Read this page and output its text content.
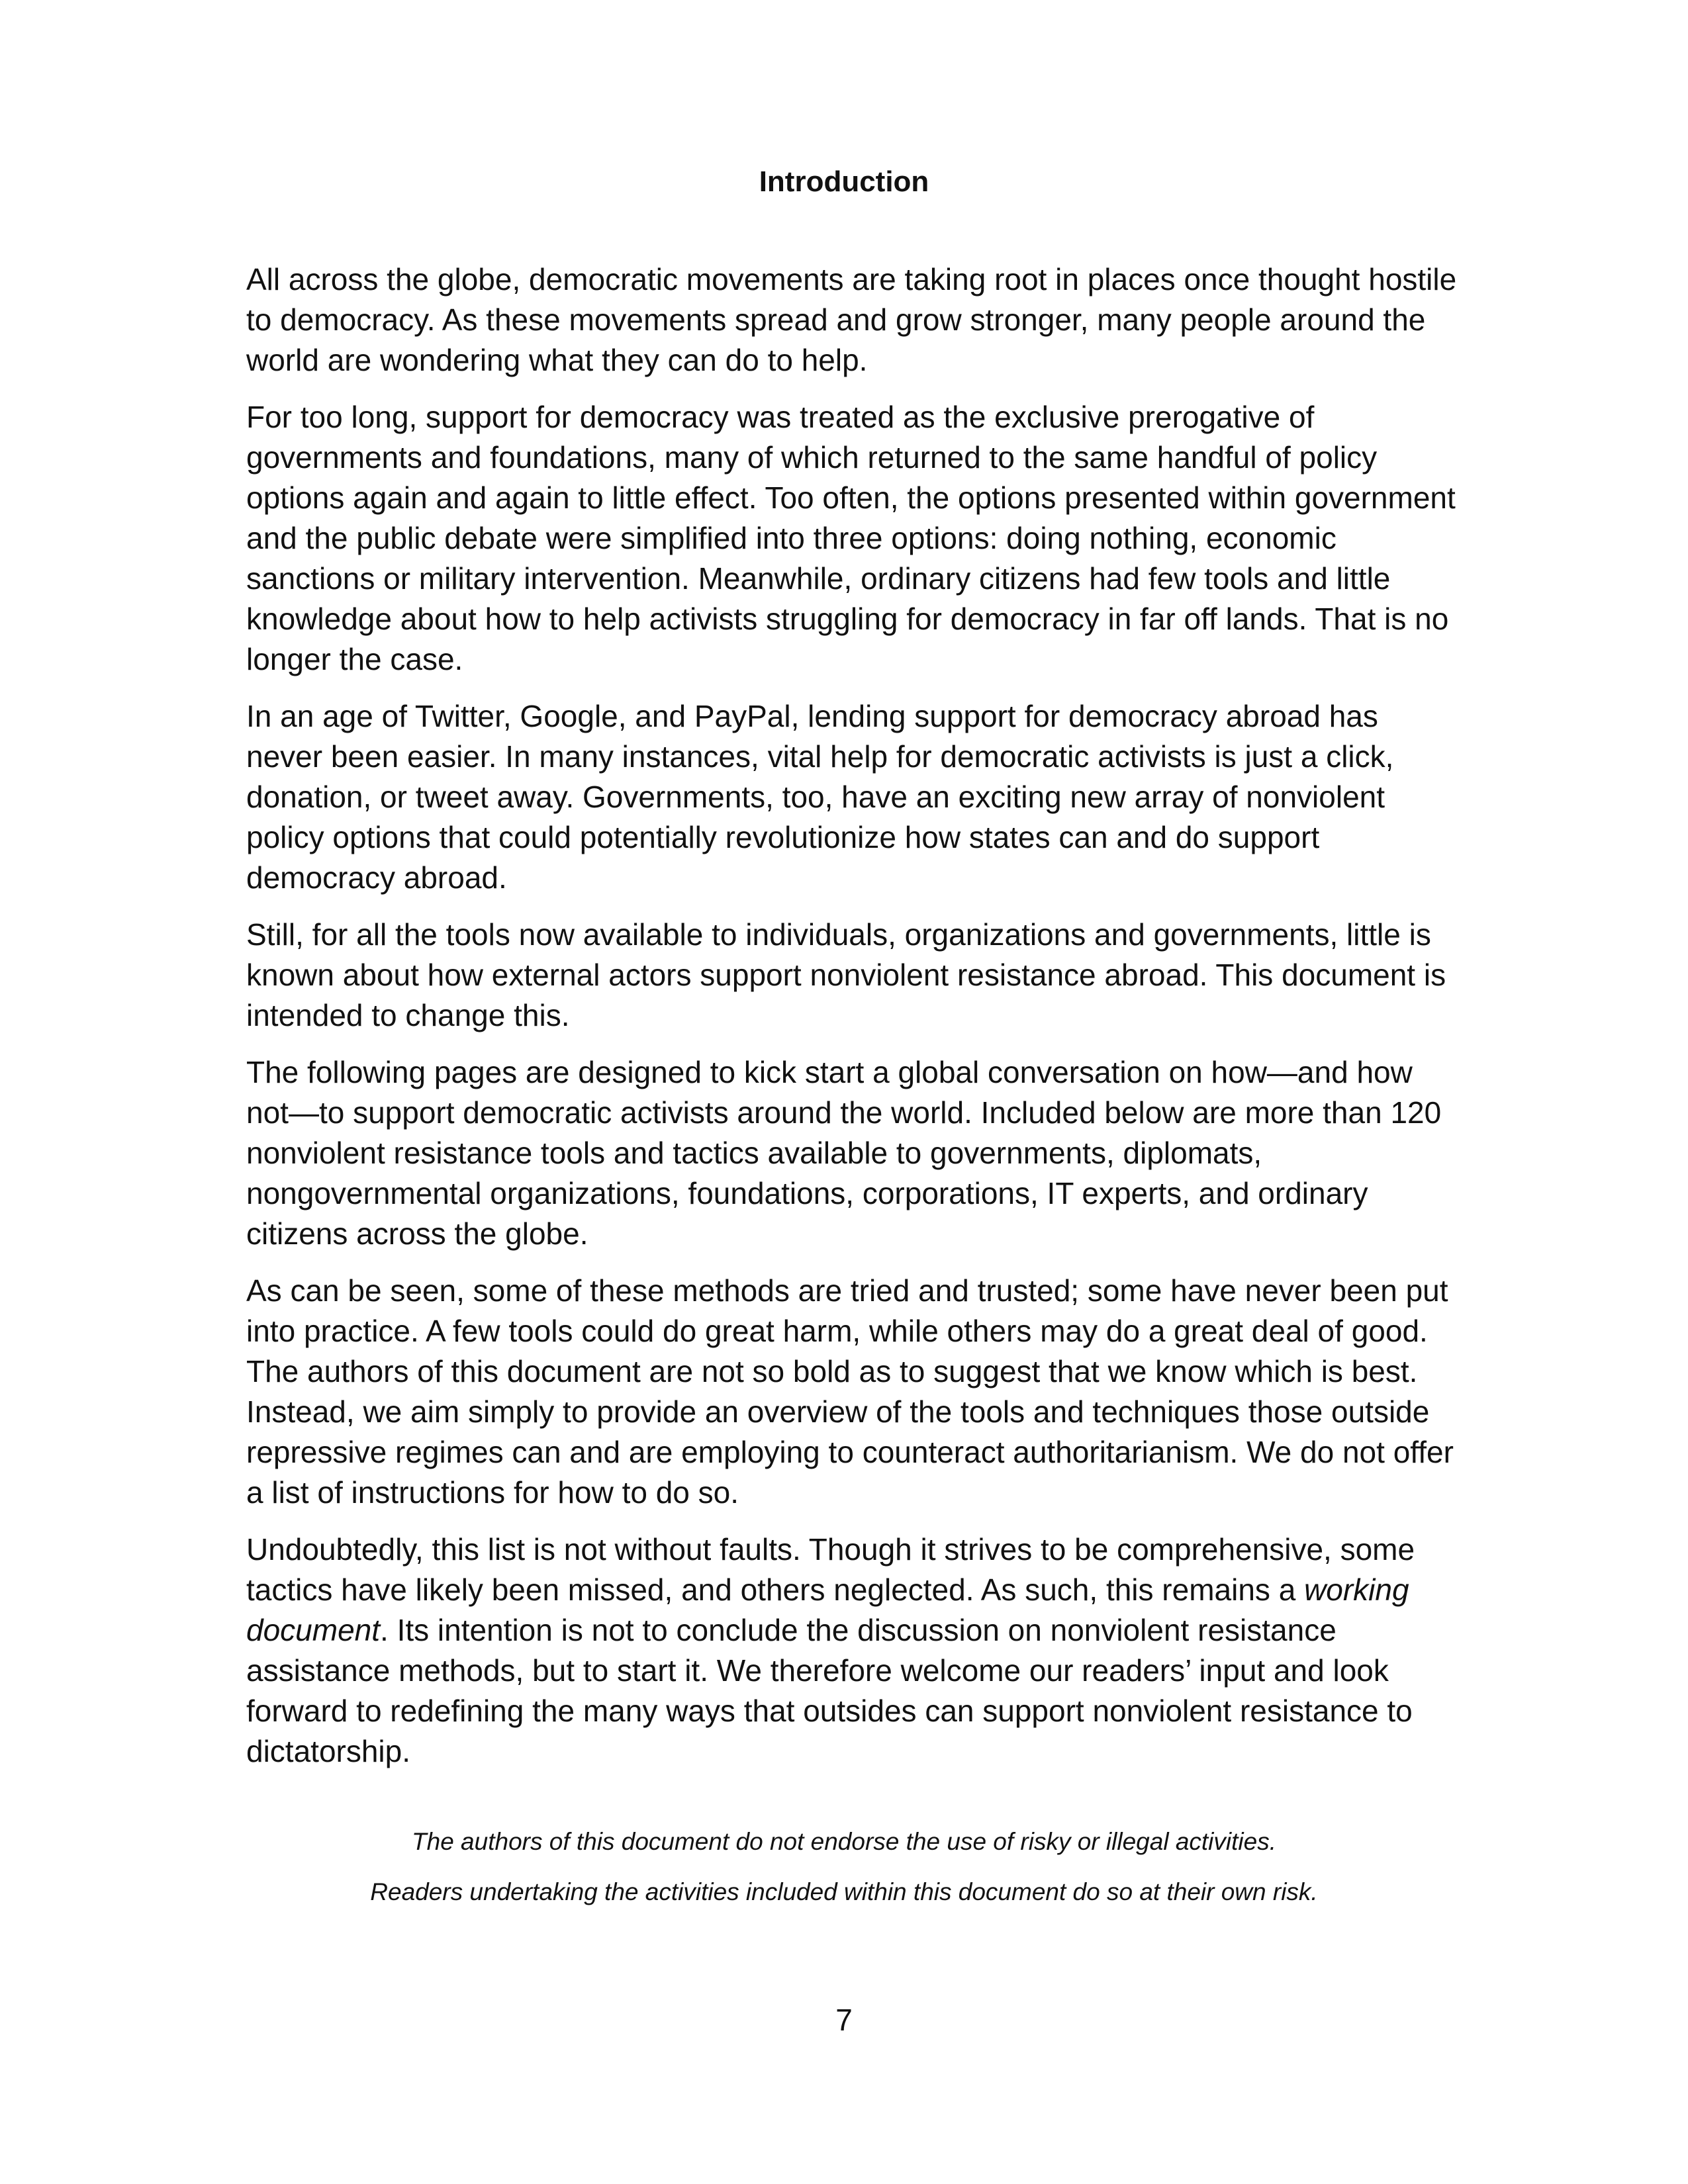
Introduction

All across the globe, democratic movements are taking root in places once thought hostile to democracy. As these movements spread and grow stronger, many people around the world are wondering what they can do to help.

For too long, support for democracy was treated as the exclusive prerogative of governments and foundations, many of which returned to the same handful of policy options again and again to little effect. Too often, the options presented within government and the public debate were simplified into three options: doing nothing, economic sanctions or military intervention. Meanwhile, ordinary citizens had few tools and little knowledge about how to help activists struggling for democracy in far off lands. That is no longer the case.

In an age of Twitter, Google, and PayPal, lending support for democracy abroad has never been easier. In many instances, vital help for democratic activists is just a click, donation, or tweet away. Governments, too, have an exciting new array of nonviolent policy options that could potentially revolutionize how states can and do support democracy abroad.

Still, for all the tools now available to individuals, organizations and governments, little is known about how external actors support nonviolent resistance abroad. This document is intended to change this.

The following pages are designed to kick start a global conversation on how—and how not—to support democratic activists around the world. Included below are more than 120 nonviolent resistance tools and tactics available to governments, diplomats, nongovernmental organizations, foundations, corporations, IT experts, and ordinary citizens across the globe.

As can be seen, some of these methods are tried and trusted; some have never been put into practice. A few tools could do great harm, while others may do a great deal of good. The authors of this document are not so bold as to suggest that we know which is best. Instead, we aim simply to provide an overview of the tools and techniques those outside repressive regimes can and are employing to counteract authoritarianism. We do not offer a list of instructions for how to do so.

Undoubtedly, this list is not without faults. Though it strives to be comprehensive, some tactics have likely been missed, and others neglected. As such, this remains a working document. Its intention is not to conclude the discussion on nonviolent resistance assistance methods, but to start it. We therefore welcome our readers’ input and look forward to redefining the many ways that outsides can support nonviolent resistance to dictatorship.

The authors of this document do not endorse the use of risky or illegal activities.

Readers undertaking the activities included within this document do so at their own risk.

7
